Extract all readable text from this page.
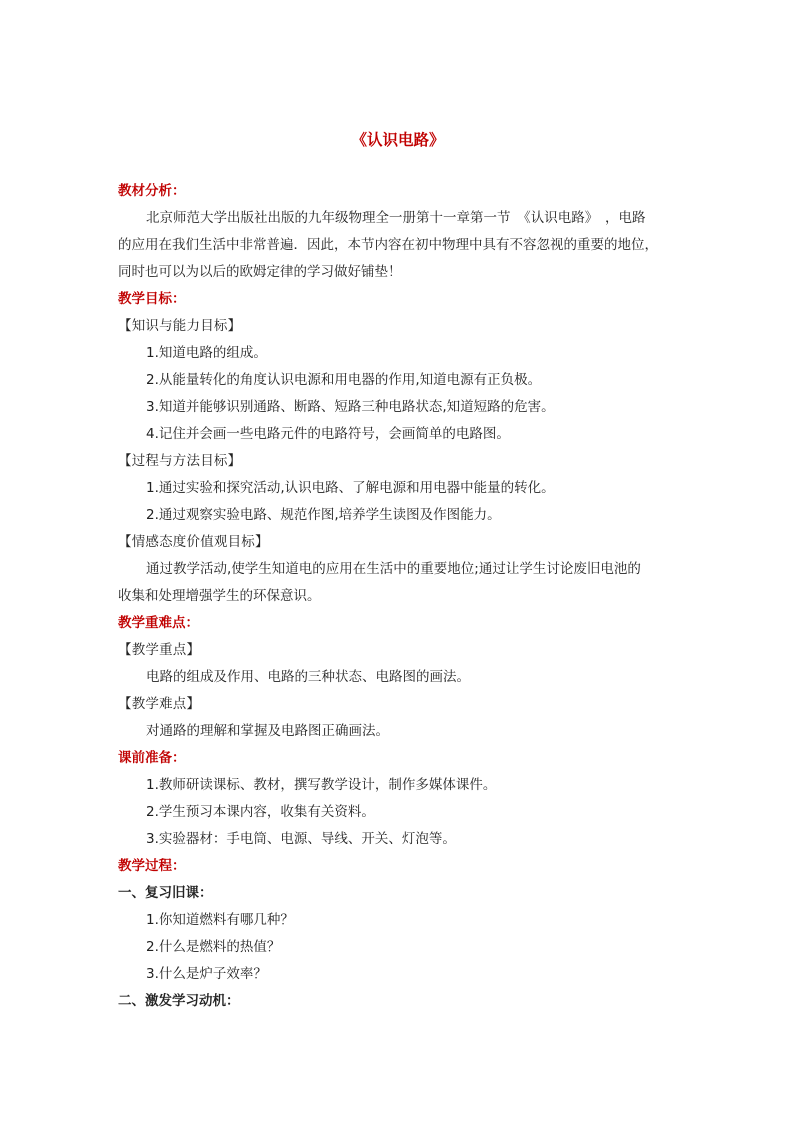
《认识电路》
教材分析：
北京师范大学出版社出版的九年级物理全一册第十一章第一节　《认识电路》　，电路
的应用在我们生活中非常普遍．因此，本节内容在初中物理中具有不容忽视的重要的地位，
同时也可以为以后的欧姆定律的学习做好铺垫！
教学目标：
【知识与能力目标】
1.知道电路的组成。
2.从能量转化的角度认识电源和用电器的作用,知道电源有正负极。
3.知道并能够识别通路、断路、短路三种电路状态,知道短路的危害。
4.记住并会画一些电路元件的电路符号，会画简单的电路图。
【过程与方法目标】
1.通过实验和探究活动,认识电路、了解电源和用电器中能量的转化。
2.通过观察实验电路、规范作图,培养学生读图及作图能力。
【情感态度价值观目标】
通过教学活动,使学生知道电的应用在生活中的重要地位;通过让学生讨论废旧电池的
收集和处理增强学生的环保意识。
教学重难点：
【教学重点】
电路的组成及作用、电路的三种状态、电路图的画法。
【教学难点】
对通路的理解和掌握及电路图正确画法。
课前准备：
1.教师研读课标、教材，撰写教学设计，制作多媒体课件。
2.学生预习本课内容，收集有关资料。
3.实验器材：手电筒、电源、导线、开关、灯泡等。
教学过程：
一、复习旧课：
1.你知道燃料有哪几种？
2.什么是燃料的热值？
3.什么是炉子效率？
二、激发学习动机：
